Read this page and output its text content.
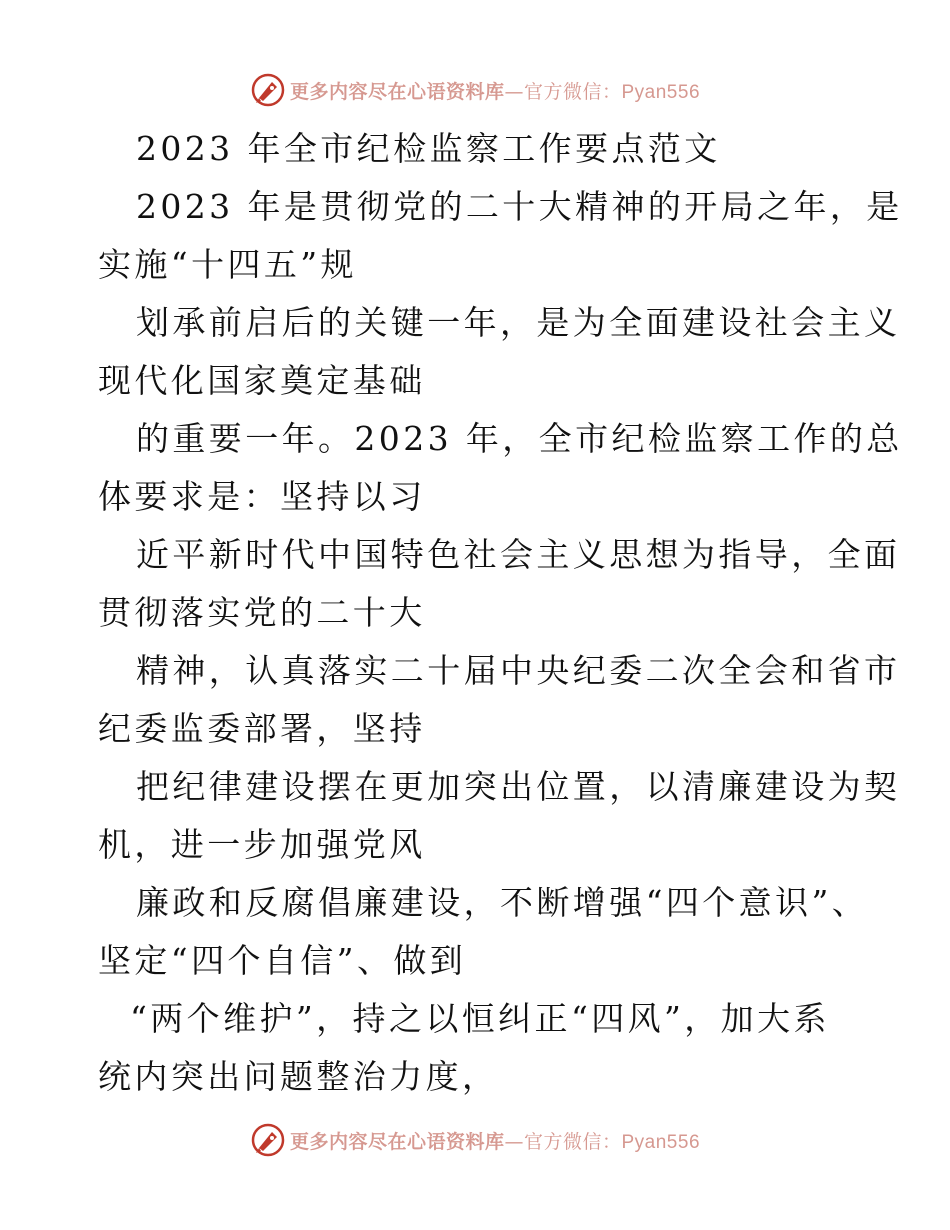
更多内容尽在心语资料库—官方微信：Pyan556
2023 年全市纪检监察工作要点范文
2023 年是贯彻党的二十大精神的开局之年，是
实施“十四五”规
划承前启后的关键一年，是为全面建设社会主义
现代化国家奠定基础
的重要一年。2023 年，全市纪检监察工作的总
体要求是：坚持以习
近平新时代中国特色社会主义思想为指导，全面
贯彻落实党的二十大
精神，认真落实二十届中央纪委二次全会和省市
纪委监委部署，坚持
把纪律建设摆在更加突出位置，以清廉建设为契
机，进一步加强党风
廉政和反腐倡廉建设，不断增强“四个意识”、
坚定“四个自信”、做到
“两个维护”，持之以恒纠正“四风”，加大系
统内突出问题整治力度，
更多内容尽在心语资料库—官方微信：Pyan556
